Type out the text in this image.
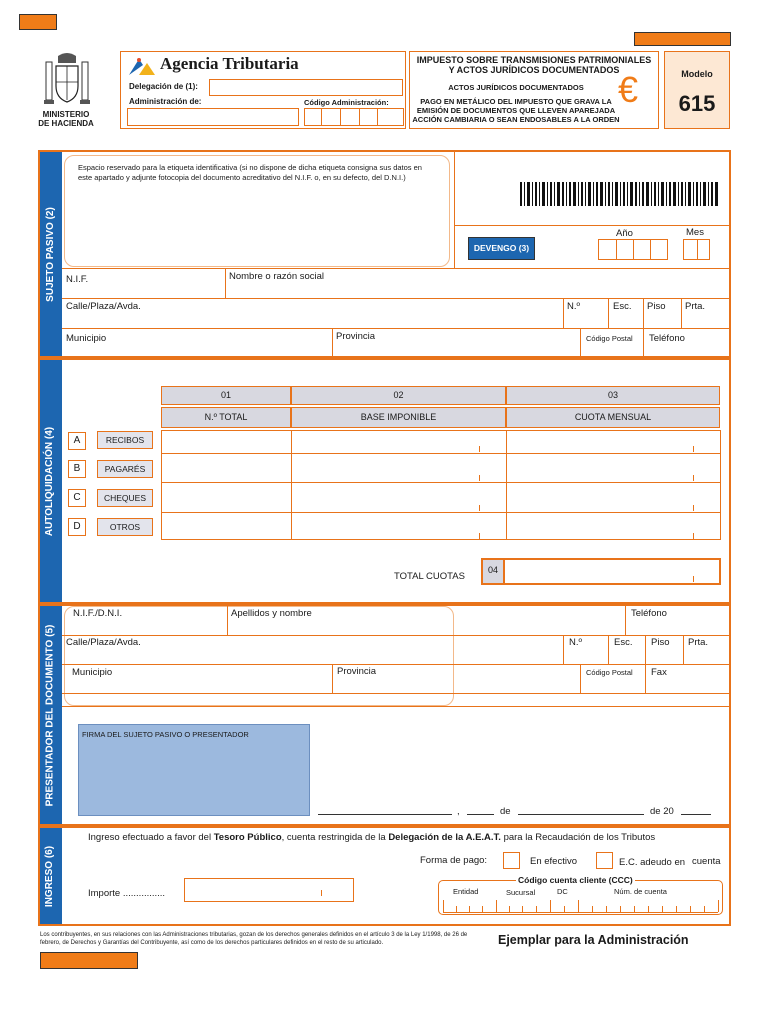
MINISTERIO
DE HACIENDA
Agencia Tributaria
Delegación de (1):
Administración de:	Código Administración:
IMPUESTO SOBRE TRANSMISIONES PATRIMONIALES
Y ACTOS JURÍDICOS DOCUMENTADOS
ACTOS JURÍDICOS DOCUMENTADOS
PAGO EN METÁLICO DEL IMPUESTO QUE GRAVA LA
EMISIÓN DE DOCUMENTOS QUE LLEVEN APAREJADA
ACCIÓN CAMBIARIA O SEAN ENDOSABLES A LA ORDEN
€	Modelo
615
SUJETO PASIVO (2)
Espacio reservado para la etiqueta identificativa (si no dispone de dicha etiqueta consigna sus datos en este apartado y adjunte fotocopia del documento acreditativo del N.I.F. o, en su defecto, del D.N.I.)
DEVENGO (3)
Año	Mes
N.I.F.	Nombre o razón social
Calle/Plaza/Avda.	N.º	Esc. Piso Prta.
Municipio	Provincia	Código Postal Teléfono
AUTOLIQUIDACIÓN (4)
01	02	03
N.º TOTAL	BASE IMPONIBLE	CUOTA MENSUAL
A	RECIBOS
B	PAGARÉS
C	CHEQUES
D	OTROS
TOTAL CUOTAS
04
PRESENTADOR DEL DOCUMENTO (5)
N.I.F./D.N.I.	Apellidos y nombre	Teléfono
Calle/Plaza/Avda.	N.º	Esc. Piso Prta.
Municipio	Provincia	Código Postal Fax
FIRMA DEL SUJETO PASIVO O PRESENTADOR
,	de	de 20
INGRESO (6)
Ingreso efectuado a favor del Tesoro Público, cuenta restringida de la Delegación de la A.E.A.T. para la Recaudación de los Tributos
Forma de pago:	En efectivo	E.C. adeudo en cuenta
Importe ................
Código cuenta cliente (CCC)
Entidad	Sucursal	DC	Núm. de cuenta
Los contribuyentes, en sus relaciones con las Administraciones tributarias, gozan de los derechos generales definidos en el artículo 3 de la Ley 1/1998, de 26 de febrero, de Derechos y Garantías del Contribuyente, así como de los derechos particulares definidos en el resto de su articulado.	Ejemplar para la Administración
